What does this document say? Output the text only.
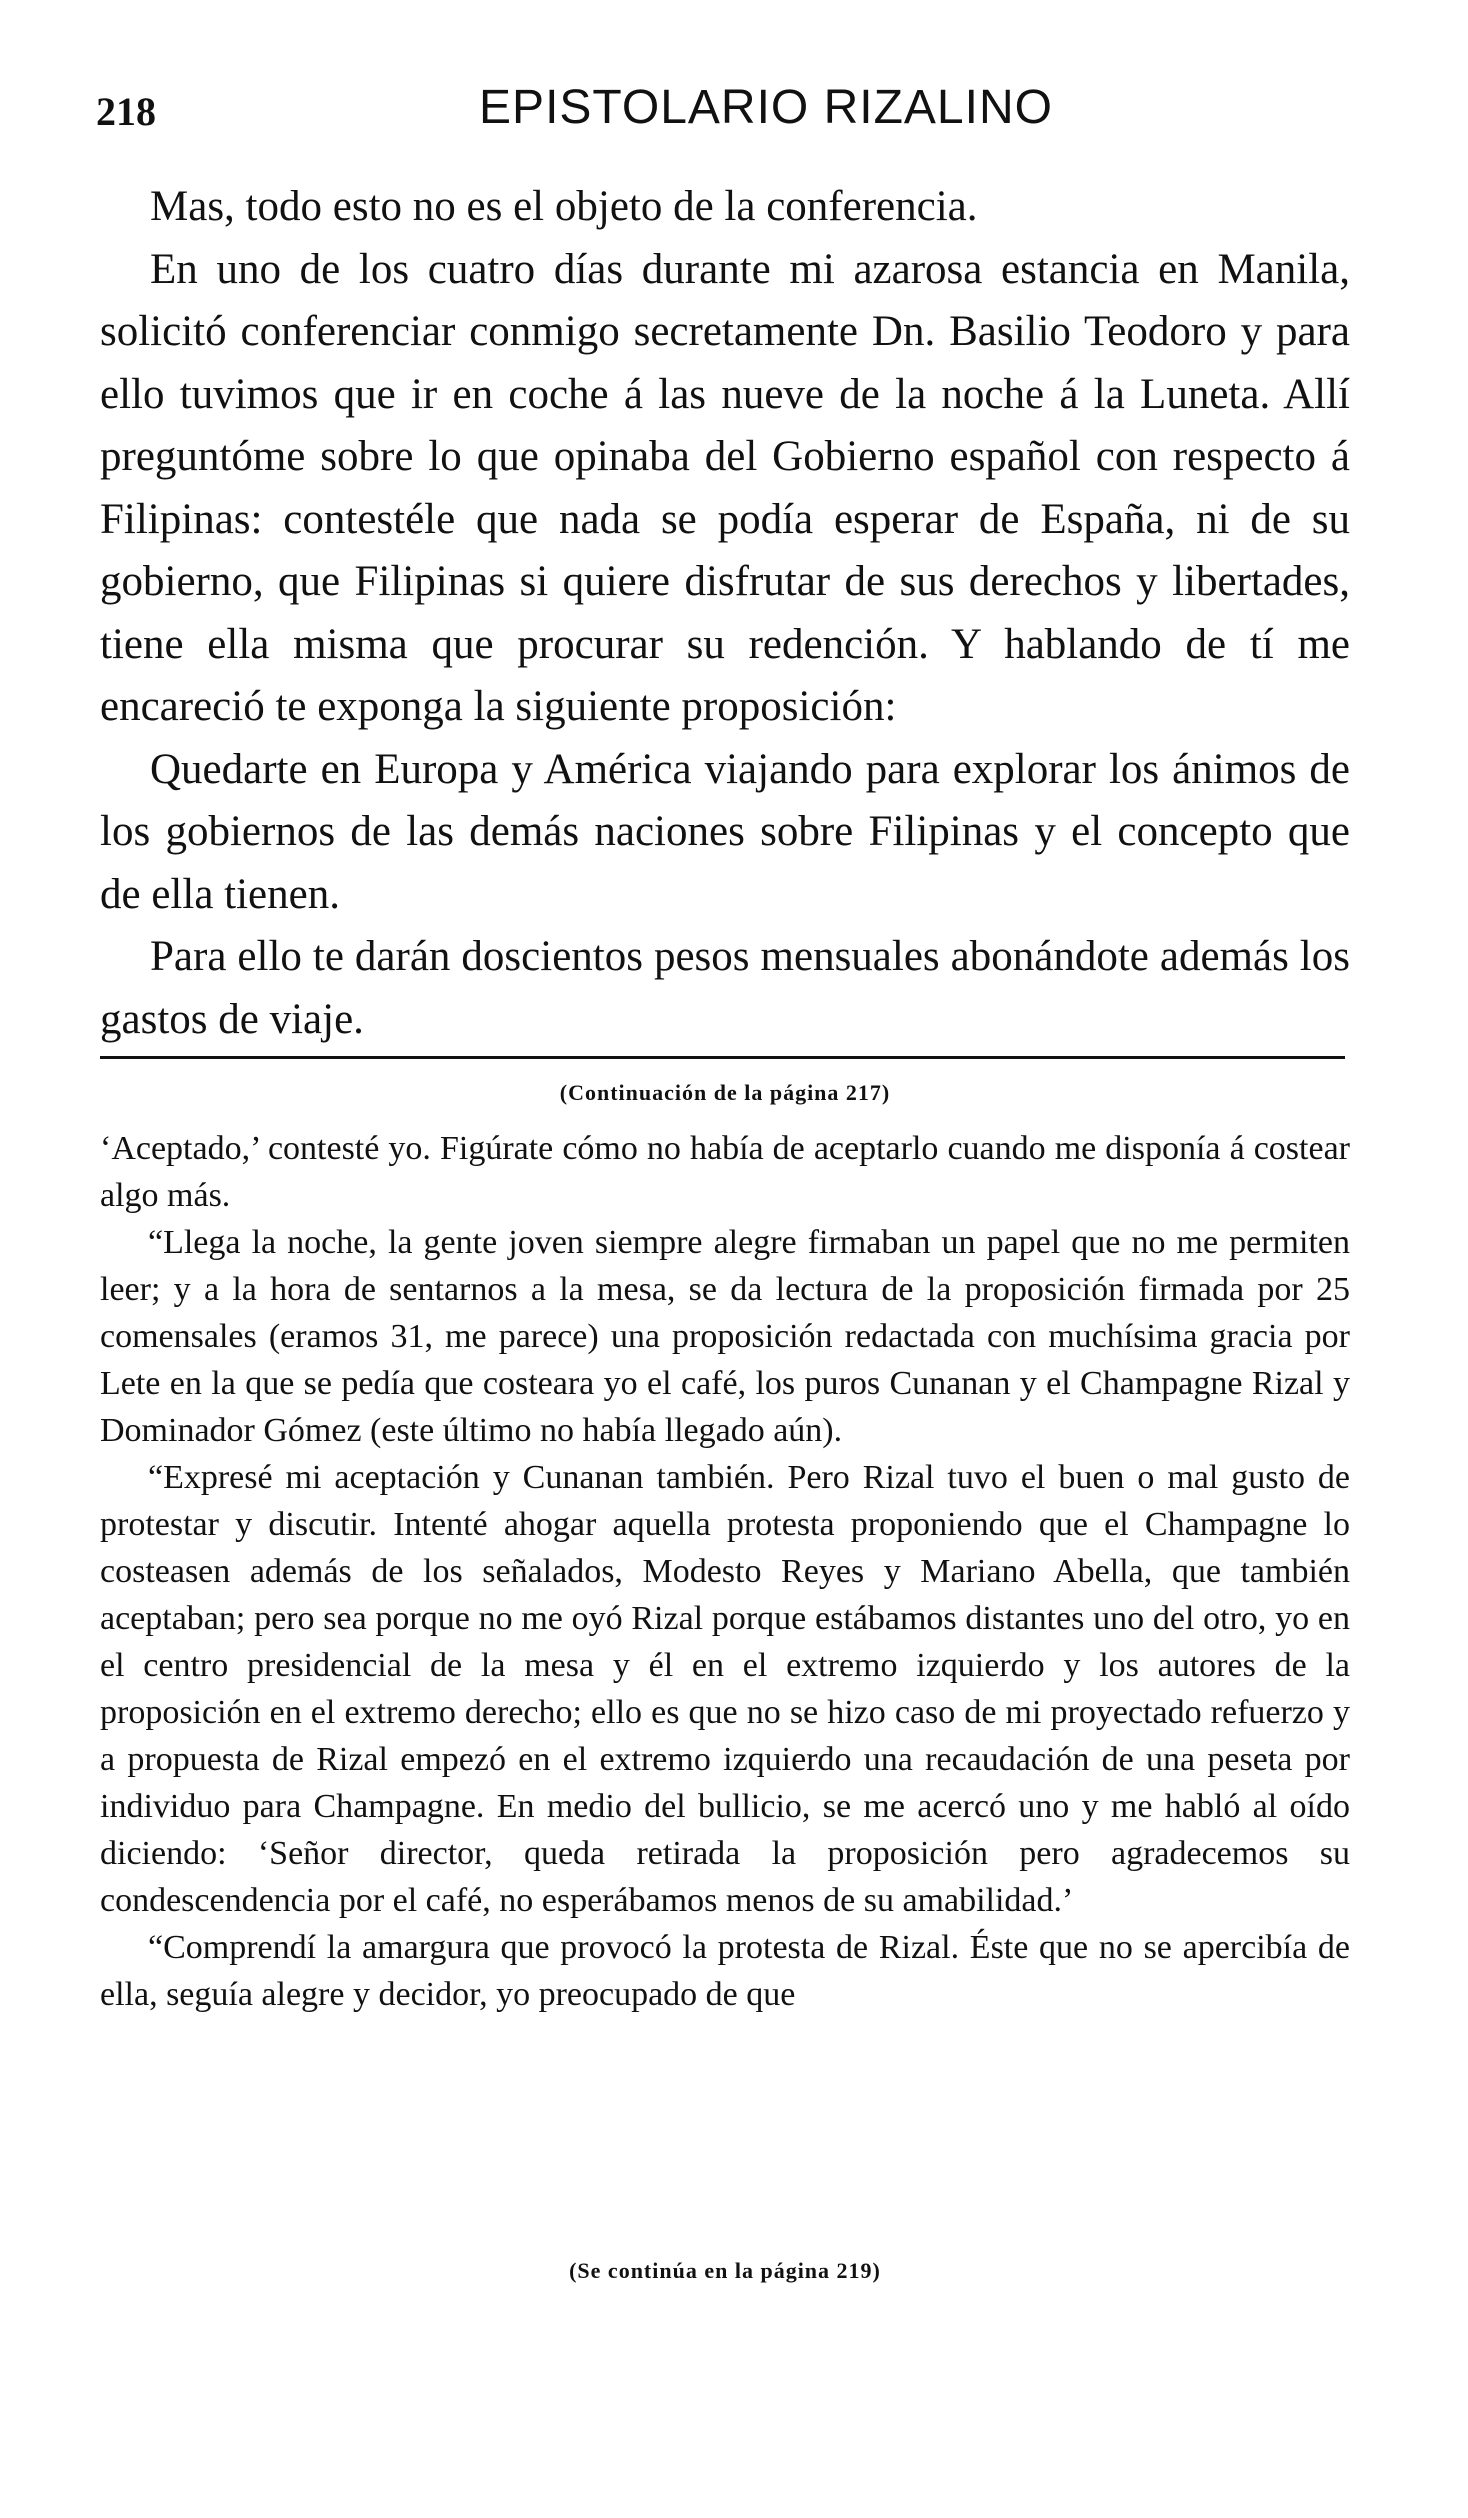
218	EPISTOLARIO RIZALINO

Mas, todo esto no es el objeto de la conferencia.

En uno de los cuatro días durante mi azarosa estancia en Manila, solicitó conferenciar conmigo secretamente Dn. Basilio Teodoro y para ello tuvimos que ir en coche á las nueve de la noche á la Luneta. Allí preguntóme sobre lo que opinaba del Gobierno español con respecto á Filipinas: contestéle que nada se podía esperar de España, ni de su gobierno, que Filipinas si quiere disfrutar de sus derechos y libertades, tiene ella misma que procurar su redención. Y hablando de tí me encareció te exponga la siguiente proposición:

Quedarte en Europa y América viajando para explorar los ánimos de los gobiernos de las demás naciones sobre Filipinas y el concepto que de ella tienen.

Para ello te darán doscientos pesos mensuales abonándote además los gastos de viaje.

(Continuación de la página 217)

‘Aceptado,’ contesté yo. Figúrate cómo no había de aceptarlo cuando me disponía á costear algo más.

“Llega la noche, la gente joven siempre alegre firmaban un papel que no me permiten leer; y a la hora de sentarnos a la mesa, se da lectura de la proposición firmada por 25 comensales (eramos 31, me parece) una proposición redactada con muchísima gracia por Lete en la que se pedía que costeara yo el café, los puros Cunanan y el Champagne Rizal y Dominador Gómez (este último no había llegado aún).

“Expresé mi aceptación y Cunanan también. Pero Rizal tuvo el buen o mal gusto de protestar y discutir. Intenté ahogar aquella protesta proponiendo que el Champagne lo costeasen además de los señalados, Modesto Reyes y Mariano Abella, que también aceptaban; pero sea porque no me oyó Rizal porque estábamos distantes uno del otro, yo en el centro presidencial de la mesa y él en el extremo izquierdo y los autores de la proposición en el extremo derecho; ello es que no se hizo caso de mi proyectado refuerzo y a propuesta de Rizal empezó en el extremo izquierdo una recaudación de una peseta por individuo para Champagne. En medio del bullicio, se me acercó uno y me habló al oído diciendo: ‘Señor director, queda retirada la proposición pero agradecemos su condescendencia por el café, no esperábamos menos de su amabilidad.’

“Comprendí la amargura que provocó la protesta de Rizal. Éste que no se apercibía de ella, seguía alegre y decidor, yo preocupado de que

(Se continúa en la página 219)
